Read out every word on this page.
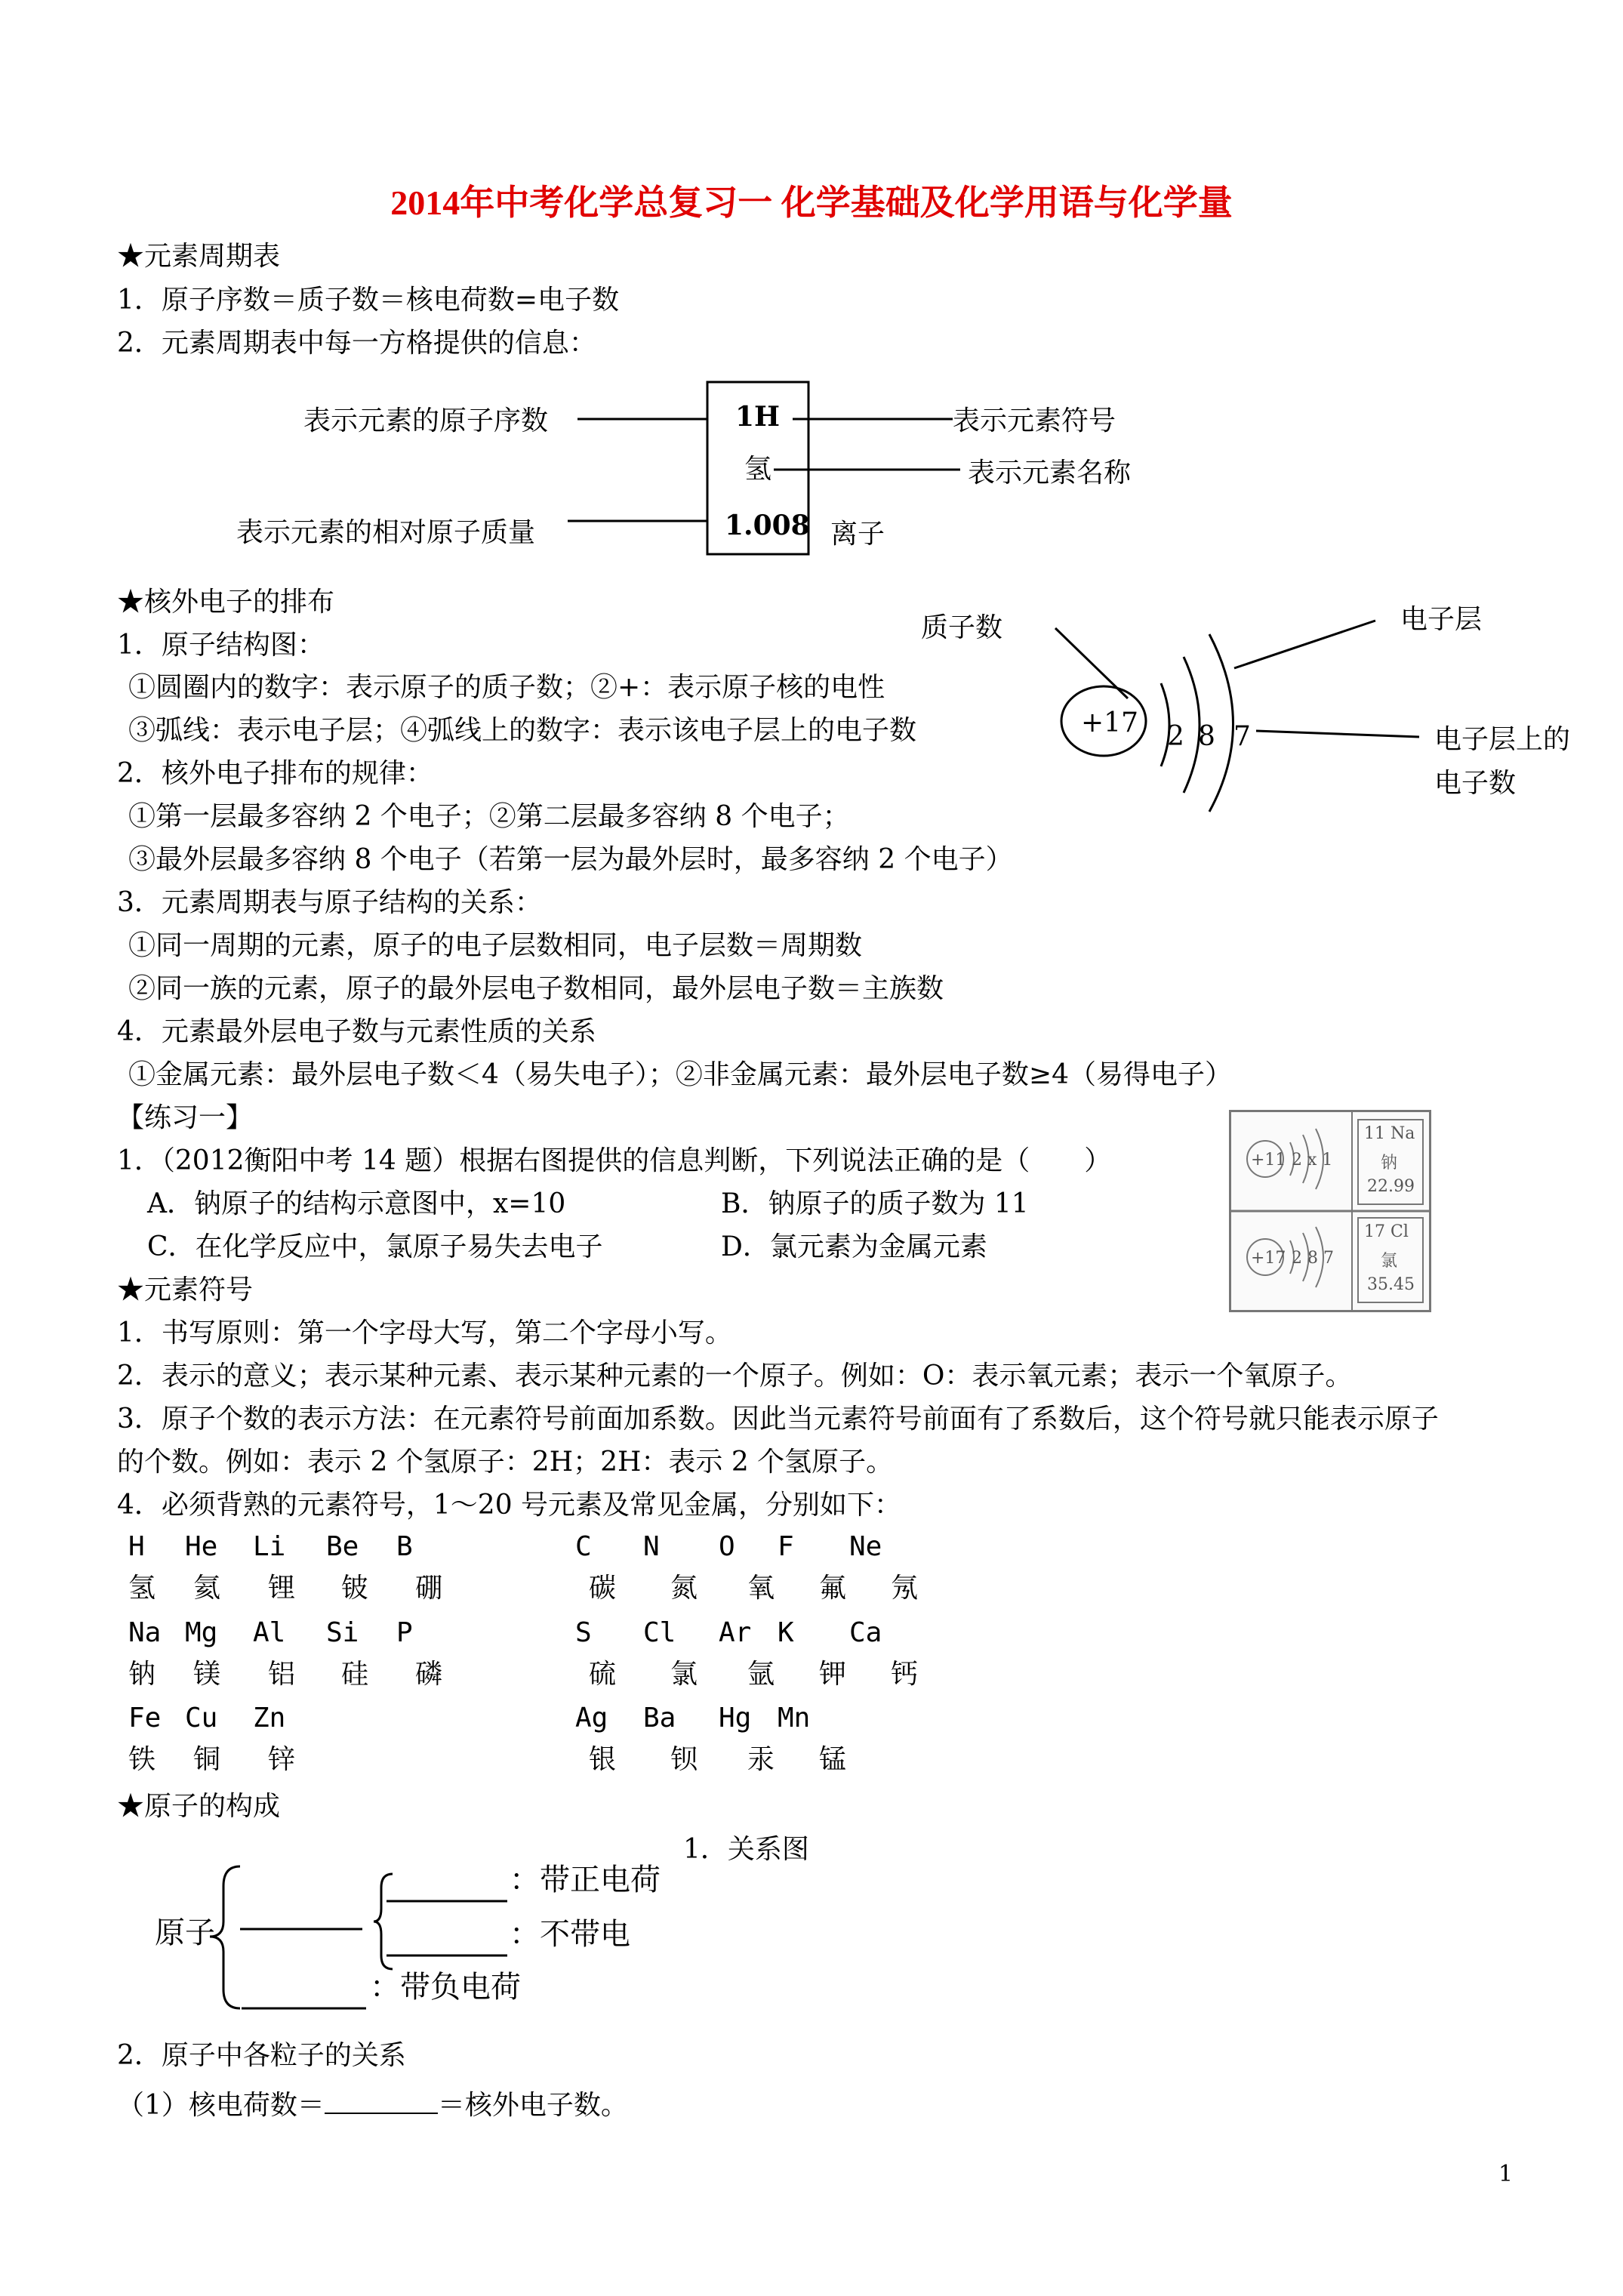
2014年中考化学总复习一 化学基础及化学用语与化学量
★元素周期表
1．原子序数＝质子数＝核电荷数=电子数
2．元素周期表中每一方格提供的信息：
表示元素的原子序数	1H	表示元素符号
氢	表示元素名称
表示元素的相对原子质量	1.008 离子
★核外电子的排布
1．原子结构图：
①圆圈内的数字：表示原子的质子数；②+：表示原子核的电性
③弧线：表示电子层；④弧线上的数字：表示该电子层上的电子数
2．核外电子排布的规律：
①第一层最多容纳 2 个电子；②第二层最多容纳 8 个电子；
③最外层最多容纳 8 个电子（若第一层为最外层时，最多容纳 2 个电子）
3．元素周期表与原子结构的关系：
①同一周期的元素，原子的电子层数相同，电子层数＝周期数
②同一族的元素，原子的最外层电子数相同，最外层电子数＝主族数
4．元素最外层电子数与元素性质的关系
①金属元素：最外层电子数＜4（易失电子）；②非金属元素：最外层电子数≥4（易得电子）
质子数	电子层
+17 2 8 7	电子层上的
电子数
【练习一】
1．（2012衡阳中考 14 题）根据右图提供的信息判断，下列说法正确的是（　　）
A．钠原子的结构示意图中，x=10	B．钠原子的质子数为 11
C．在化学反应中，氯原子易失去电子	D．氯元素为金属元素
+11 2 x 1
11 Na
钠
22.99
+17 2 8 7
17 Cl
氯
35.45
★元素符号
1．书写原则：第一个字母大写，第二个字母小写。
2．表示的意义；表示某种元素、表示某种元素的一个原子。例如：O：表示氧元素；表示一个氧原子。
3．原子个数的表示方法：在元素符号前面加系数。因此当元素符号前面有了系数后，这个符号就只能表示原子
的个数。例如：表示 2 个氢原子：2H；2H：表示 2 个氢原子。
4．必须背熟的元素符号，1～20 号元素及常见金属，分别如下：
H He Li Be B	C N O F Ne
氢 氦 锂 铍 硼	碳 氮 氧 氟 氖
Na Mg Al Si P	S Cl Ar K Ca
钠 镁 铝 硅 磷	硫 氯 氩 钾 钙
Fe Cu Zn	Ag Ba Hg Mn
铁 铜 锌	银 钡 汞 锰
★原子的构成
1．关系图
原子
：带正电荷
：不带电
：带负电荷
2．原子中各粒子的关系
（1）核电荷数＝	＝核外电子数。
1
